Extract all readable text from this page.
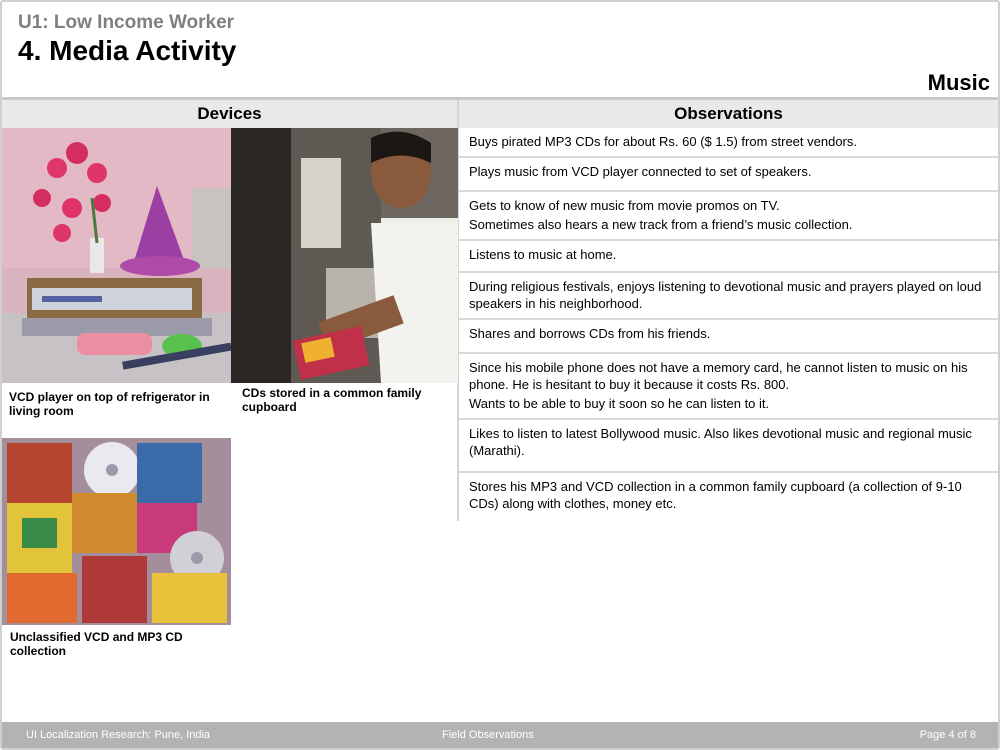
U1: Low Income Worker
4. Media Activity
Music
Devices	Observations
VCD player on top of refrigerator in living room
CDs stored in a common family cupboard
Unclassified VCD and MP3 CD collection

Buys pirated MP3 CDs for about Rs. 60 ($ 1.5) from street vendors.

Plays music from VCD player connected to set of speakers.

Gets to know of new music from movie promos on TV.

Sometimes also hears a new track from a friend’s music collection.

Listens to music at home.

During religious festivals, enjoys listening to devotional music and prayers played on loud speakers in his neighborhood.

Shares and borrows CDs from his friends.

Since his mobile phone does not have a memory card, he cannot listen to music on his phone. He is hesitant to buy it because it costs Rs. 800.

Wants to be able to buy it soon so he can listen to it.

Likes to listen to latest Bollywood music. Also likes devotional music and regional music (Marathi).

Stores his MP3 and VCD collection in a common family cupboard (a collection of 9-10 CDs) along with clothes, money etc.

UI Localization Research: Pune, India	Field Observations	Page 4 of 8
